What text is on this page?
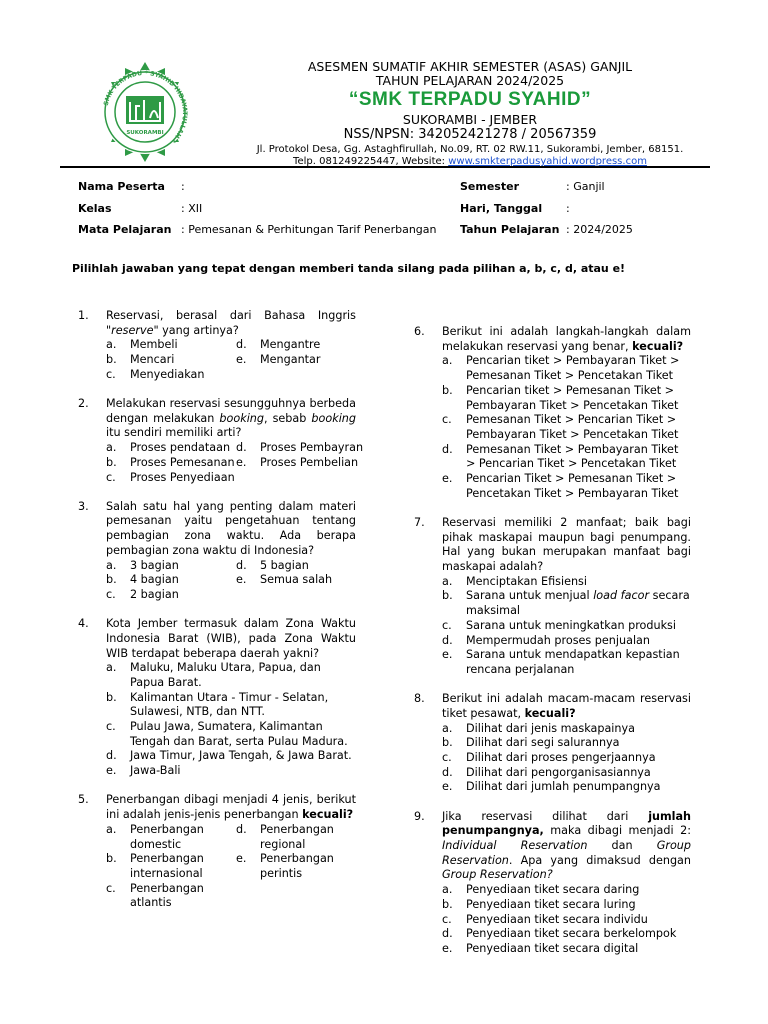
SMK TERPADU * SYAHID HIDAYATULLAH *
SUKORAMBI
ASESMEN SUMATIF AKHIR SEMESTER (ASAS) GANJIL
TAHUN PELAJARAN 2024/2025
“SMK TERPADU SYAHID”
SUKORAMBI - JEMBER
NSS/NPSN: 342052421278 / 20567359
Jl. Protokol Desa, Gg. Astaghfirullah, No.09, RT. 02 RW.11, Sukorambi, Jember, 68151.
Telp. 081249225447, Website: www.smkterpadusyahid.wordpress.com
Nama Peserta :	Semester	: Ganjil
Kelas	: XII	Hari, Tanggal :
Mata Pelajaran : Pemesanan & Perhitungan Tarif Penerbangan Tahun Pelajaran : 2024/2025
Pilihlah jawaban yang tepat dengan memberi tanda silang pada pilihan a, b, c, d, atau e!
1. Reservasi, berasal dari Bahasa Inggris "reserve" yang artinya?
a. Membeli
b. Mencari
c. Menyediakan
d. Mengantre
e. Mengantar
2. Melakukan reservasi sesungguhnya berbeda dengan melakukan booking, sebab booking itu sendiri memiliki arti?
a. Proses pendataan
b. Proses Pemesanan
c. Proses Penyediaan
d. Proses Pembayran
e. Proses Pembelian
3. Salah satu hal yang penting dalam materi pemesanan yaitu pengetahuan tentang pembagian zona waktu. Ada berapa pembagian zona waktu di Indonesia?
a. 3 bagian
b. 4 bagian
c. 2 bagian
d. 5 bagian
e. Semua salah
4. Kota Jember termasuk dalam Zona Waktu Indonesia Barat (WIB), pada Zona Waktu WIB terdapat beberapa daerah yakni?
a. Maluku, Maluku Utara, Papua, dan Papua Barat.
b. Kalimantan Utara - Timur - Selatan, Sulawesi, NTB, dan NTT.
c. Pulau Jawa, Sumatera, Kalimantan Tengah dan Barat, serta Pulau Madura.
d. Jawa Timur, Jawa Tengah, & Jawa Barat.
e. Jawa-Bali
5. Penerbangan dibagi menjadi 4 jenis, berikut ini adalah jenis-jenis penerbangan kecuali?
a. Penerbangan domestic
b. Penerbangan internasional
c. Penerbangan atlantis
d. Penerbangan regional
e. Penerbangan perintis
6. Berikut ini adalah langkah-langkah dalam melakukan reservasi yang benar, kecuali?
a. Pencarian tiket > Pembayaran Tiket > Pemesanan Tiket > Pencetakan Tiket
b. Pencarian tiket > Pemesanan Tiket > Pembayaran Tiket > Pencetakan Tiket
c. Pemesanan Tiket > Pencarian Tiket > Pembayaran Tiket > Pencetakan Tiket
d. Pemesanan Tiket > Pembayaran Tiket > Pencarian Tiket > Pencetakan Tiket
e. Pencarian Tiket > Pemesanan Tiket > Pencetakan Tiket > Pembayaran Tiket
7. Reservasi memiliki 2 manfaat; baik bagi pihak maskapai maupun bagi penumpang. Hal yang bukan merupakan manfaat bagi maskapai adalah?
a. Menciptakan Efisiensi
b. Sarana untuk menjual load facor secara maksimal
c. Sarana untuk meningkatkan produksi
d. Mempermudah proses penjualan
e. Sarana untuk mendapatkan kepastian rencana perjalanan
8. Berikut ini adalah macam-macam reservasi tiket pesawat, kecuali?
a. Dilihat dari jenis maskapainya
b. Dilihat dari segi salurannya
c. Dilihat dari proses pengerjaannya
d. Dilihat dari pengorganisasiannya
e. Dilihat dari jumlah penumpangnya
9. Jika reservasi dilihat dari jumlah penumpangnya, maka dibagi menjadi 2: Individual Reservation dan Group Reservation. Apa yang dimaksud dengan Group Reservation?
a. Penyediaan tiket secara daring
b. Penyediaan tiket secara luring
c. Penyediaan tiket secara individu
d. Penyediaan tiket secara berkelompok
e. Penyediaan tiket secara digital
